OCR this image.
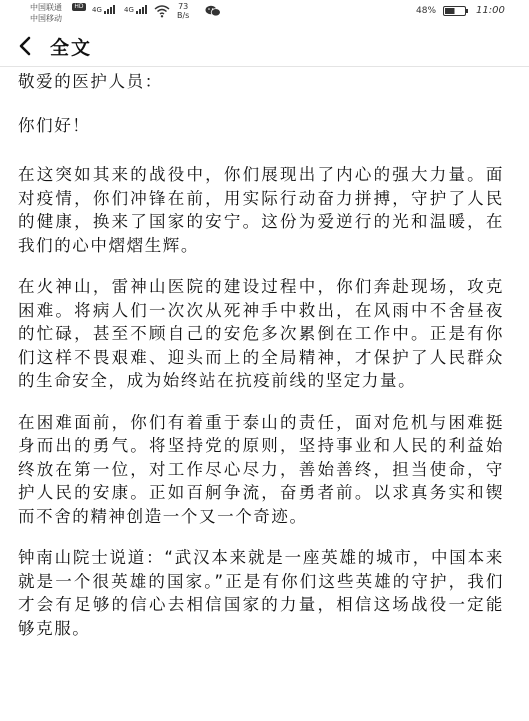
中国联通
中国移动
HD	4G	4G	73
B/s	48%	11:00
全文

敬爱的医护人员：

你们好！

在这突如其来的战役中，你们展现出了内心的强大力量。面对疫情，你们冲锋在前，用实际行动奋力拼搏，守护了人民的健康，换来了国家的安宁。这份为爱逆行的光和温暖，在我们的心中熠熠生辉。

在火神山，雷神山医院的建设过程中，你们奔赴现场，攻克困难。将病人们一次次从死神手中救出，在风雨中不舍昼夜的忙碌，甚至不顾自己的安危多次累倒在工作中。正是有你们这样不畏艰难、迎头而上的全局精神，才保护了人民群众的生命安全，成为始终站在抗疫前线的坚定力量。

在困难面前，你们有着重于泰山的责任，面对危机与困难挺身而出的勇气。将坚持党的原则，坚持事业和人民的利益始终放在第一位，对工作尽心尽力，善始善终，担当使命，守护人民的安康。正如百舸争流，奋勇者前。以求真务实和锲而不舍的精神创造一个又一个奇迹。

钟南山院士说道：“武汉本来就是一座英雄的城市，中国本来就是一个很英雄的国家。”正是有你们这些英雄的守护，我们才会有足够的信心去相信国家的力量，相信这场战役一定能够克服。
